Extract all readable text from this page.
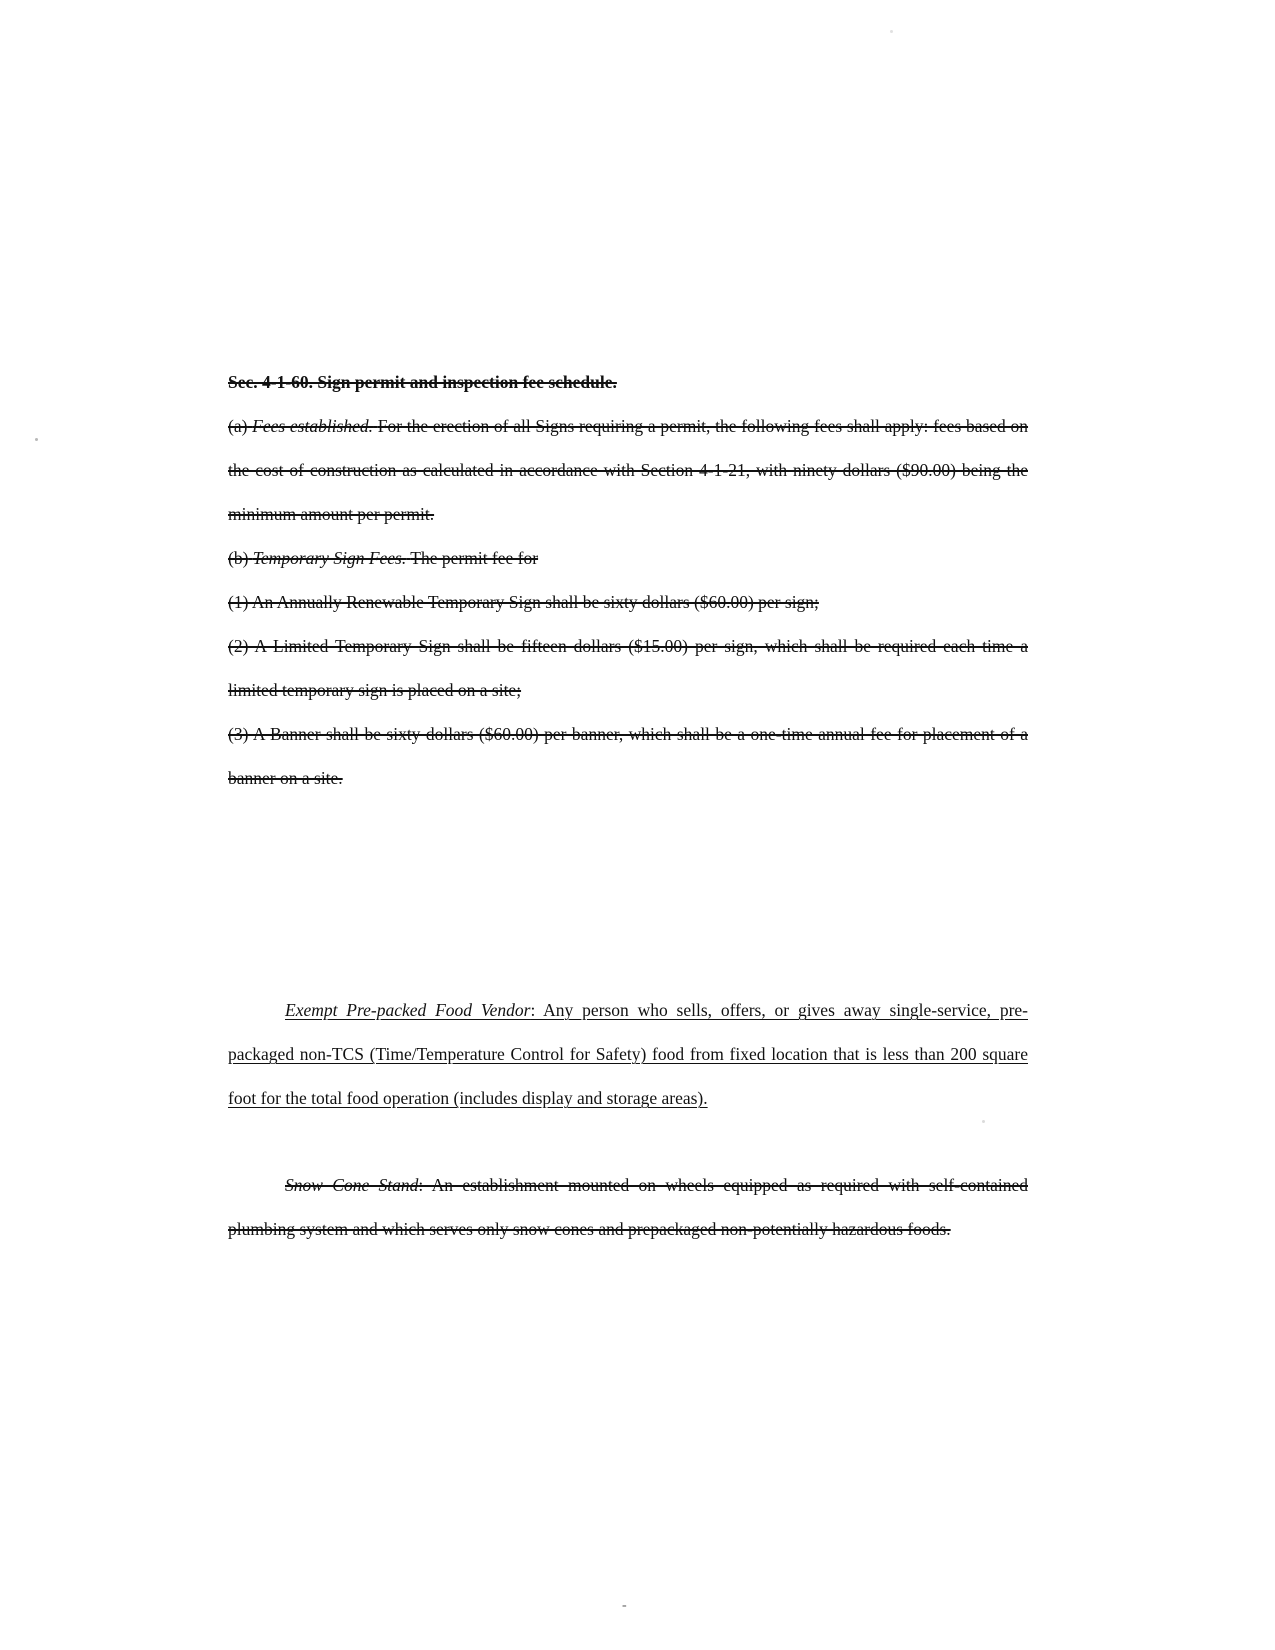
Sec. 4-1-60. Sign permit and inspection fee schedule.

(a) Fees established. For the erection of all Signs requiring a permit, the following fees shall apply: fees based on the cost of construction as calculated in accordance with Section 4-1-21, with ninety dollars ($90.00) being the minimum amount per permit.

(b) Temporary Sign Fees. The permit fee for

(1) An Annually Renewable Temporary Sign shall be sixty dollars ($60.00) per sign;

(2) A Limited Temporary Sign shall be fifteen dollars ($15.00) per sign, which shall be required each time a limited temporary sign is placed on a site;

(3) A Banner shall be sixty dollars ($60.00) per banner, which shall be a one-time annual fee for placement of a banner on a site.

Exempt Pre-packed Food Vendor: Any person who sells, offers, or gives away single-service, pre-packaged non-TCS (Time/Temperature Control for Safety) food from fixed location that is less than 200 square foot for the total food operation (includes display and storage areas).

Snow Cone Stand: An establishment mounted on wheels equipped as required with self-contained plumbing system and which serves only snow cones and prepackaged non-potentially hazardous foods.

-
